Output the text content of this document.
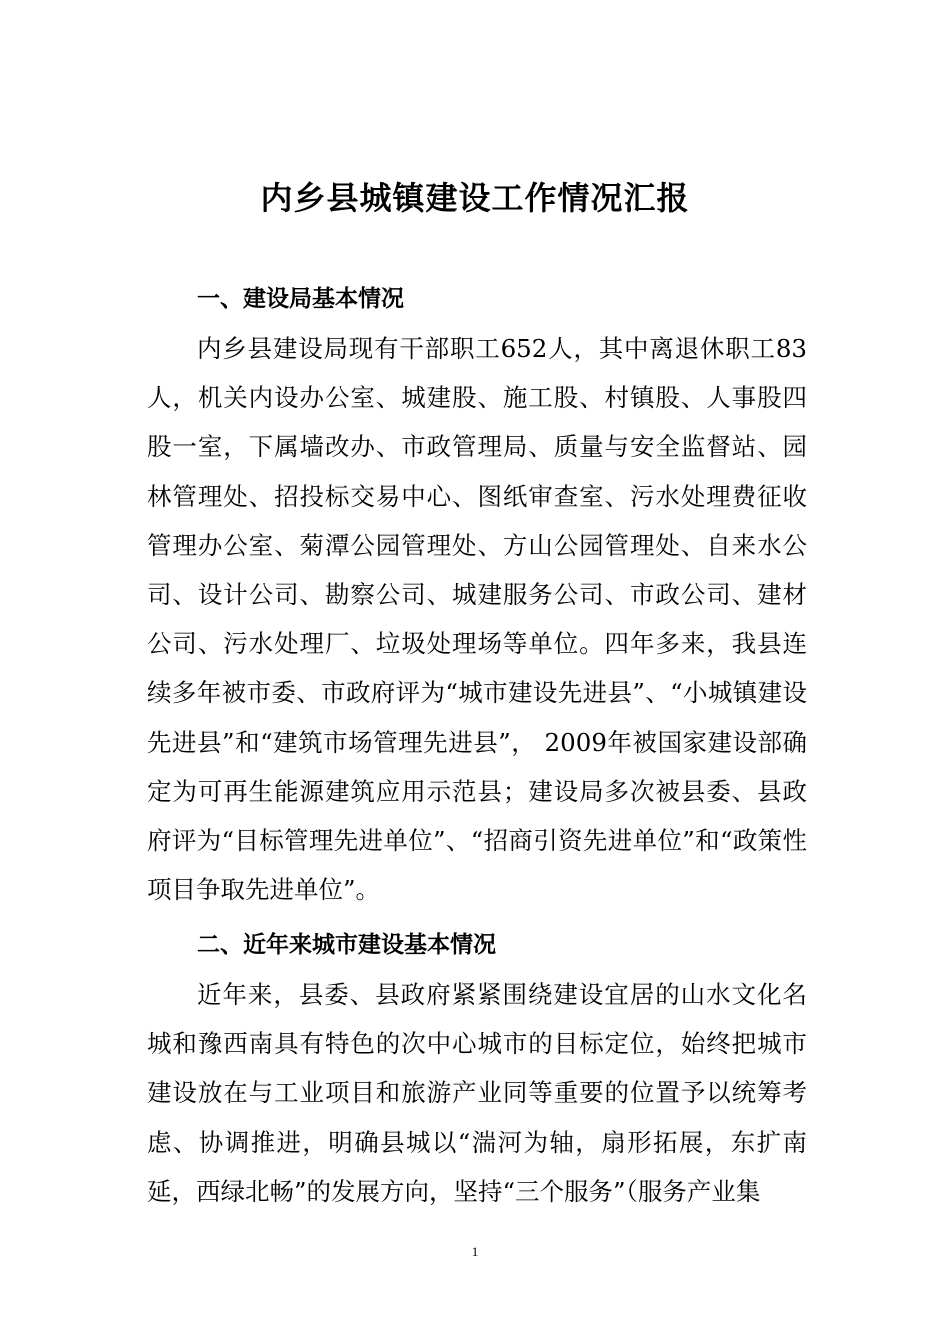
内乡县城镇建设工作情况汇报
一、建设局基本情况

内乡县建设局现有干部职工652人，其中离退休职工83人，机关内设办公室、城建股、施工股、村镇股、人事股四股一室，下属墙改办、市政管理局、质量与安全监督站、园林管理处、招投标交易中心、图纸审查室、污水处理费征收管理办公室、菊潭公园管理处、方山公园管理处、自来水公司、设计公司、勘察公司、城建服务公司、市政公司、建材公司、污水处理厂、垃圾处理场等单位。四年多来，我县连续多年被市委、市政府评为“城市建设先进县”、“小城镇建设先进县”和“建筑市场管理先进县”， 2009年被国家建设部确定为可再生能源建筑应用示范县；建设局多次被县委、县政府评为“目标管理先进单位”、“招商引资先进单位”和“政策性项目争取先进单位”。

二、近年来城市建设基本情况

近年来，县委、县政府紧紧围绕建设宜居的山水文化名城和豫西南具有特色的次中心城市的目标定位，始终把城市建设放在与工业项目和旅游产业同等重要的位置予以统筹考虑、协调推进，明确县城以“湍河为轴，扇形拓展，东扩南延，西绿北畅”的发展方向，坚持“三个服务”（服务产业集

1
